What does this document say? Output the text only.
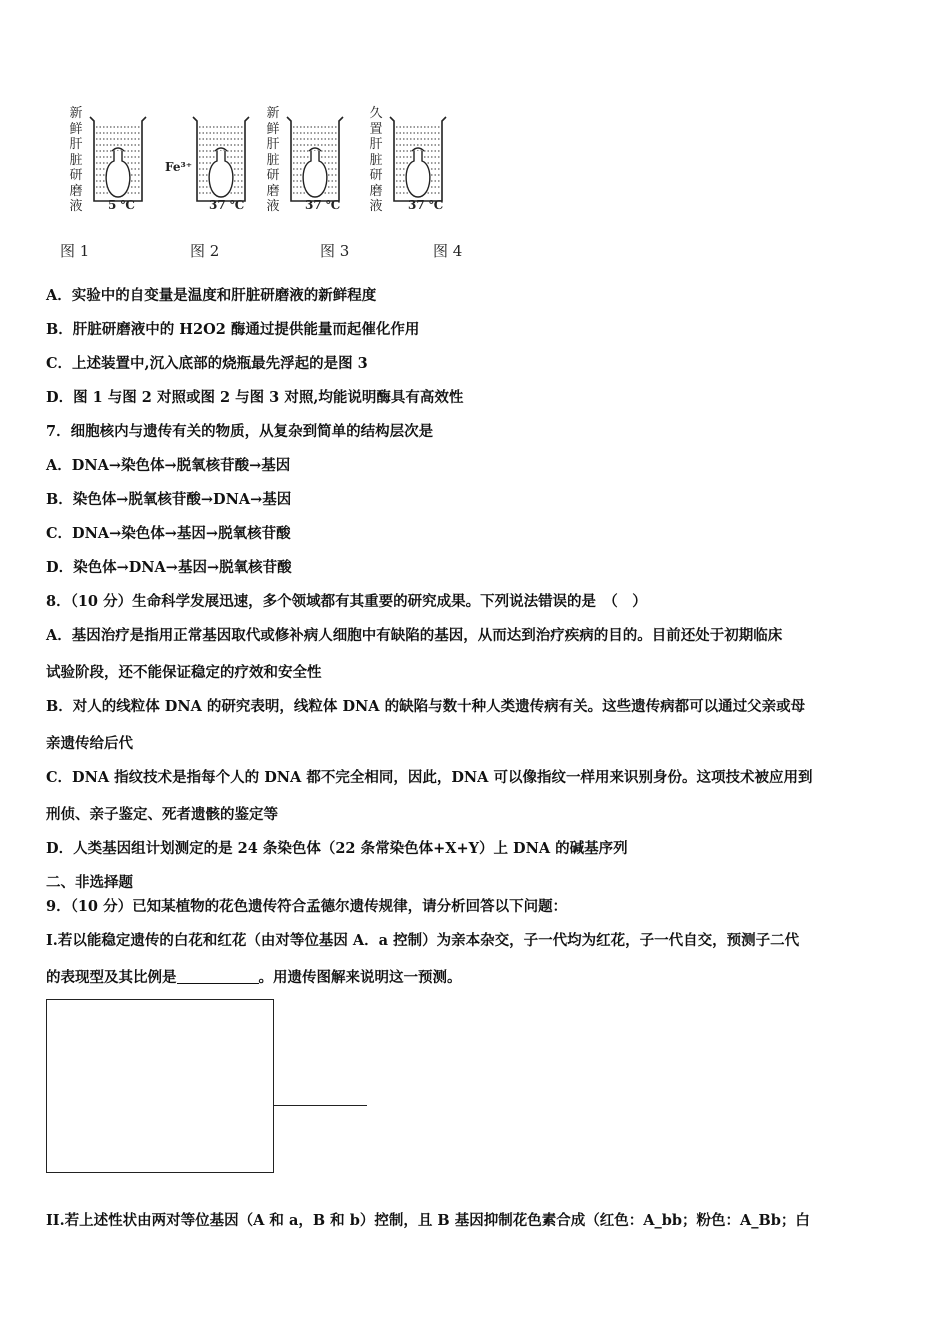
新鲜肝脏研磨液 5 ℃
图 1
Fe³⁺
37 ℃
图 2
新鲜肝脏研磨液 37 ℃
图 3
久置肝脏研磨液 37 ℃
图 4
A．实验中的自变量是温度和肝脏研磨液的新鲜程度
B．肝脏研磨液中的 H2O2 酶通过提供能量而起催化作用
C．上述装置中,沉入底部的烧瓶最先浮起的是图 3
D．图 1 与图 2 对照或图 2 与图 3 对照,均能说明酶具有高效性
7．细胞核内与遗传有关的物质，从复杂到简单的结构层次是
A．DNA→染色体→脱氧核苷酸→基因
B．染色体→脱氧核苷酸→DNA→基因
C．DNA→染色体→基因→脱氧核苷酸
D．染色体→DNA→基因→脱氧核苷酸
8．（10 分）生命科学发展迅速，多个领域都有其重要的研究成果。下列说法错误的是　（　）
A．基因治疗是指用正常基因取代或修补病人细胞中有缺陷的基因，从而达到治疗疾病的目的。目前还处于初期临床
试验阶段，还不能保证稳定的疗效和安全性
B．对人的线粒体 DNA 的研究表明，线粒体 DNA 的缺陷与数十种人类遗传病有关。这些遗传病都可以通过父亲或母
亲遗传给后代
C．DNA 指纹技术是指每个人的 DNA 都不完全相同，因此，DNA 可以像指纹一样用来识别身份。这项技术被应用到
刑侦、亲子鉴定、死者遗骸的鉴定等
D．人类基因组计划测定的是 24 条染色体（22 条常染色体+X+Y）上 DNA 的碱基序列
二、非选择题
9．（10 分）已知某植物的花色遗传符合孟德尔遗传规律，请分析回答以下问题：
I.若以能稳定遗传的白花和红花（由对等位基因 A．a 控制）为亲本杂交，子一代均为红花，子一代自交，预测子二代
的表现型及其比例是	。用遗传图解来说明这一预测。
II.若上述性状由两对等位基因（A 和 a，B 和 b）控制，且 B 基因抑制花色素合成（红色：A_bb；粉色：A_Bb；白
